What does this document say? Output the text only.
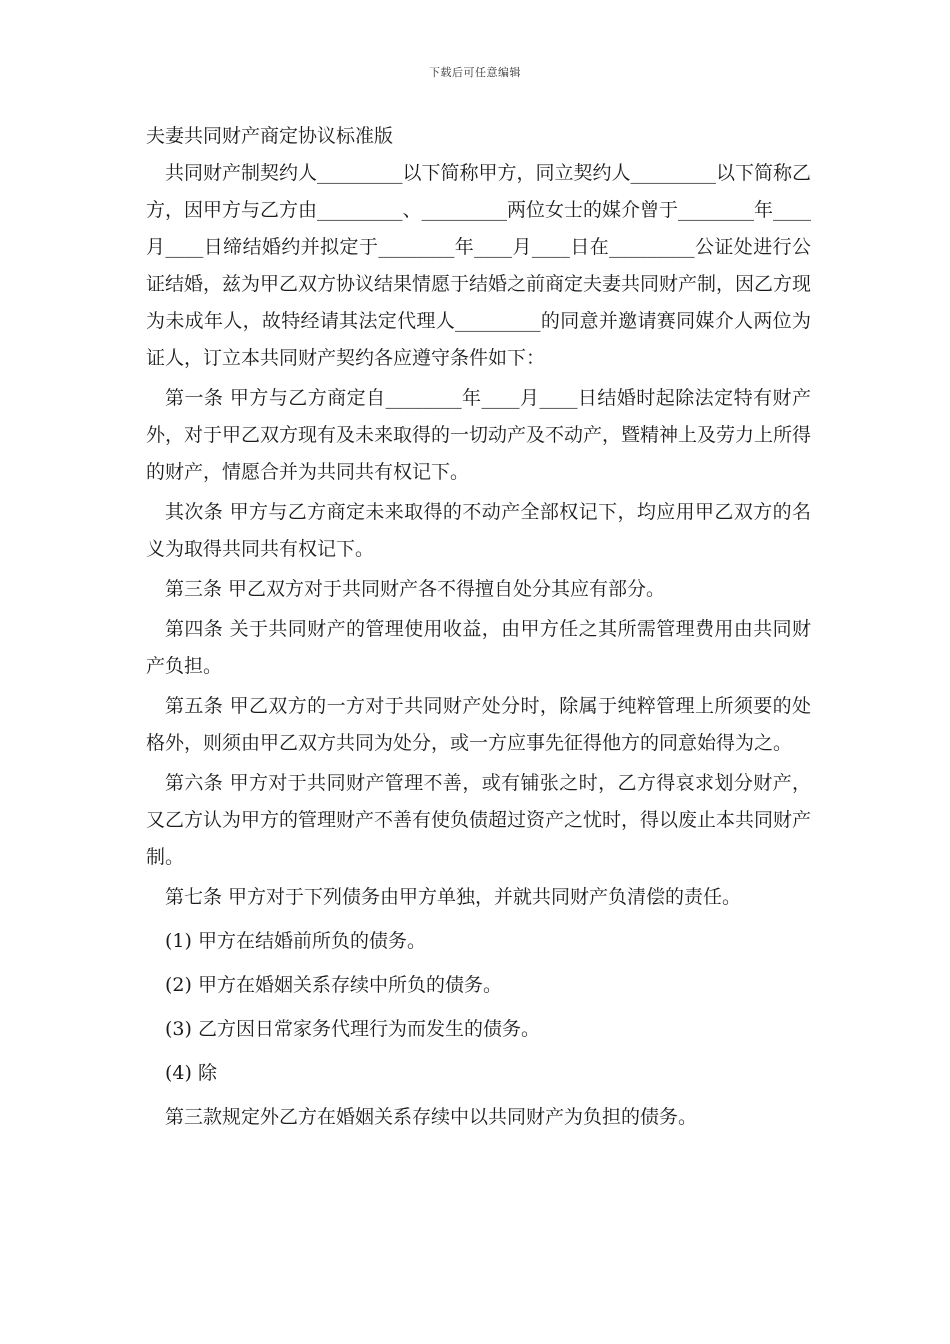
下载后可任意编辑

夫妻共同财产商定协议标准版

共同财产制契约人_________以下简称甲方，同立契约人_________以下简称乙方，因甲方与乙方由_________、_________两位女士的媒介曾于________年____月____日缔结婚约并拟定于________年____月____日在_________公证处进行公证结婚，兹为甲乙双方协议结果情愿于结婚之前商定夫妻共同财产制，因乙方现为未成年人，故特经请其法定代理人_________的同意并邀请赛同媒介人两位为证人，订立本共同财产契约各应遵守条件如下：

第一条 甲方与乙方商定自________年____月____日结婚时起除法定特有财产外，对于甲乙双方现有及未来取得的一切动产及不动产，暨精神上及劳力上所得的财产，情愿合并为共同共有权记下。

其次条 甲方与乙方商定未来取得的不动产全部权记下，均应用甲乙双方的名义为取得共同共有权记下。

第三条 甲乙双方对于共同财产各不得擅自处分其应有部分。

第四条 关于共同财产的管理使用收益，由甲方任之其所需管理费用由共同财产负担。

第五条 甲乙双方的一方对于共同财产处分时，除属于纯粹管理上所须要的处格外，则须由甲乙双方共同为处分，或一方应事先征得他方的同意始得为之。

第六条 甲方对于共同财产管理不善，或有铺张之时，乙方得哀求划分财产，又乙方认为甲方的管理财产不善有使负债超过资产之忧时，得以废止本共同财产制。

第七条 甲方对于下列债务由甲方单独，并就共同财产负清偿的责任。

(1) 甲方在结婚前所负的债务。

(2) 甲方在婚姻关系存续中所负的债务。

(3) 乙方因日常家务代理行为而发生的债务。

(4) 除

第三款规定外乙方在婚姻关系存续中以共同财产为负担的债务。
